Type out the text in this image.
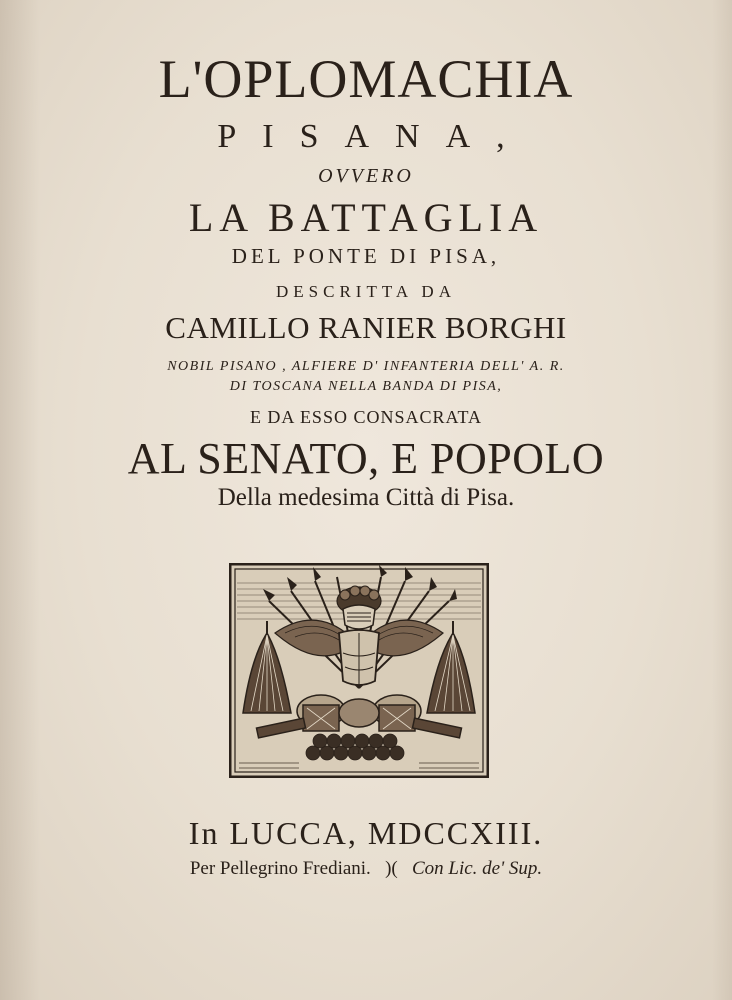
L'OPLOMACHIA
PISANA,
OVVERO
LA BATTAGLIA
DEL PONTE DI PISA,
DESCRITTA DA
CAMILLO RANIER BORGHI
NOBIL PISANO , ALFIERE D' INFANTERIA DELL' A. R.
DI TOSCANA NELLA BANDA DI PISA,
E DA ESSO CONSACRATA
AL SENATO, E POPOLO
Della medesima Città di Pisa.
In LUCCA, MDCCXIII.
Per Pellegrino Frediani.   )(   Con Lic. de' Sup.
